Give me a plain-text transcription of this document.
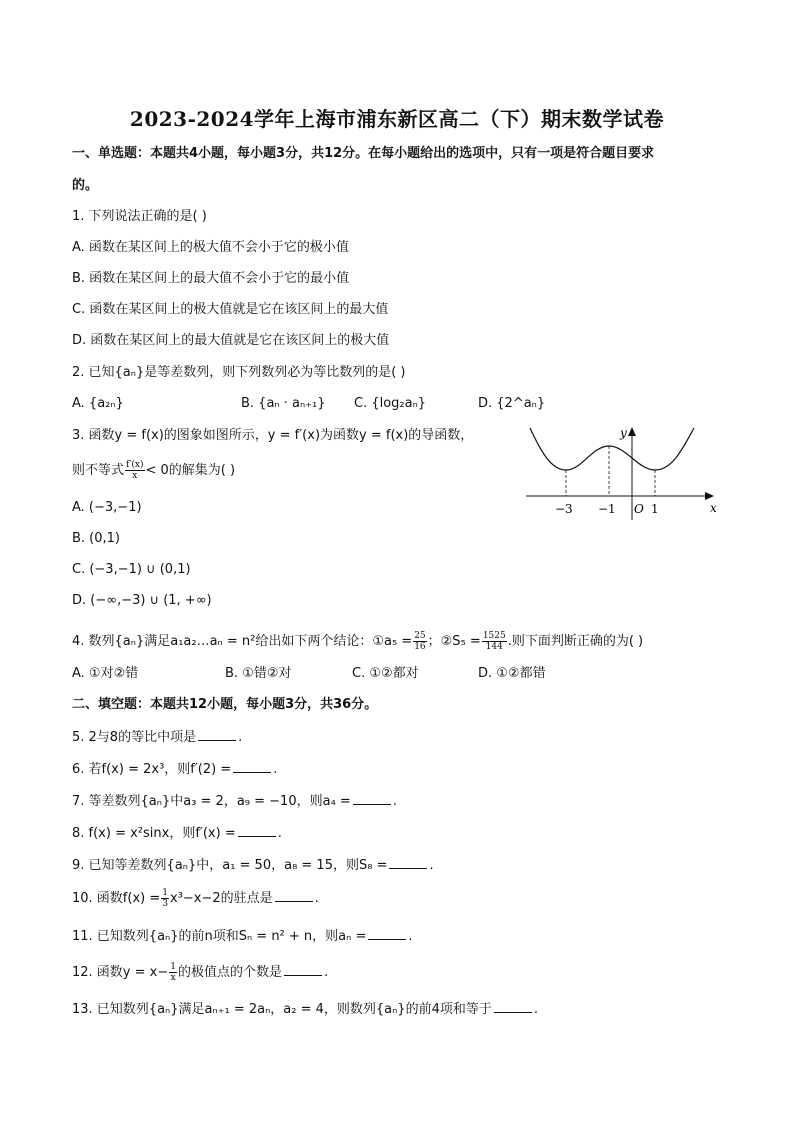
2023-2024学年上海市浦东新区高二（下）期末数学试卷
一、单选题：本题共4小题，每小题3分，共12分。在每小题给出的选项中，只有一项是符合题目要求
的。
1. 下列说法正确的是( )
A. 函数在某区间上的极大值不会小于它的极小值
B. 函数在某区间上的最大值不会小于它的最小值
C. 函数在某区间上的极大值就是它在该区间上的最大值
D. 函数在某区间上的最大值就是它在该区间上的极大值
2. 已知{aₙ}是等差数列，则下列数列必为等比数列的是( )
A. {a₂ₙ}	B. {aₙ · aₙ₊₁} C. {log₂aₙ}	D. {2^aₙ}
3. 函数y = f(x)的图象如图所示，y = f′(x)为函数y = f(x)的导函数，
则不等式 $\frac{f'(x)}{x} < 0$的解集为( )
A. (−3,−1)
B. (0,1)
C. (−3,−1) ∪ (0,1)
D. (−∞,−3) ∪ (1, +∞)
y
x
O
−3 −1	1
4. 数列{aₙ}满足a₁a₂…aₙ = n²给出如下两个结论：①a₅ = $\frac{25}{16}$ ；②S₅ = $\frac{1525}{144}$ .则下面判断正确的为( )
A. ①对②错	B. ①错②对	C. ①②都对	D. ①②都错
二、填空题：本题共12小题，每小题3分，共36分。
5. 2与8的等比中项是	.
6. 若f(x) = 2x³，则f′(2) =	.
7. 等差数列{aₙ}中a₃ = 2，a₉ = −10，则a₄ =	.
8. f(x) = x²sinx，则f′(x) =	.
9. 已知等差数列{aₙ}中，a₁ = 50，a₈ = 15，则S₈ =	.
10. 函数$f(x) = \frac{1}{3} x^3-x-2$的驻点是	.
11. 已知数列{aₙ}的前n项和Sₙ = n² + n，则aₙ =	.
12. 函数$y = x- \frac{1}{x}$ 的极值点的个数是	.
13. 已知数列{aₙ}满足aₙ₊₁ = 2aₙ，a₂ = 4，则数列{aₙ}的前4项和等于	.
